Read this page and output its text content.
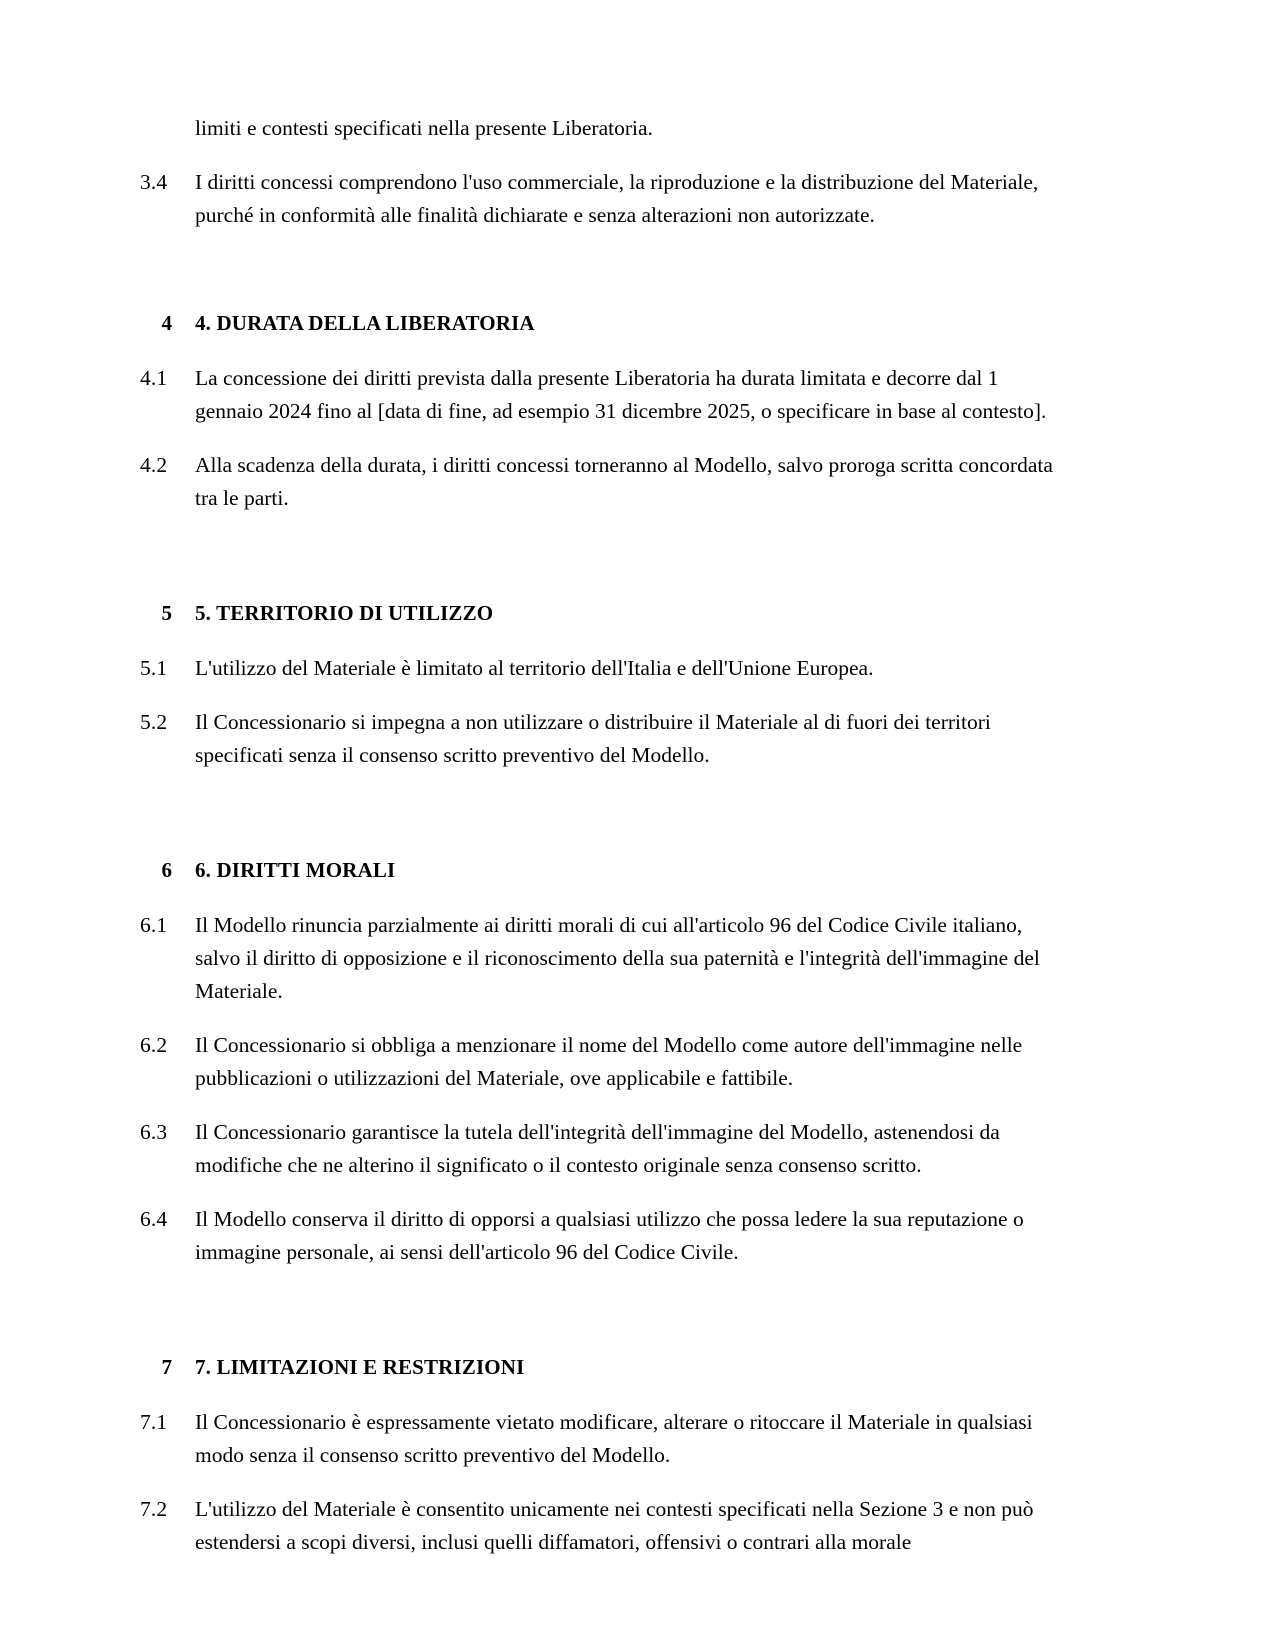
limiti e contesti specificati nella presente Liberatoria.
3.4 I diritti concessi comprendono l'uso commerciale, la riproduzione e la distribuzione del Materiale, purché in conformità alle finalità dichiarate e senza alterazioni non autorizzate.
4 4. DURATA DELLA LIBERATORIA
4.1 La concessione dei diritti prevista dalla presente Liberatoria ha durata limitata e decorre dal 1 gennaio 2024 fino al [data di fine, ad esempio 31 dicembre 2025, o specificare in base al contesto].
4.2 Alla scadenza della durata, i diritti concessi torneranno al Modello, salvo proroga scritta concordata tra le parti.
5 5. TERRITORIO DI UTILIZZO
5.1 L'utilizzo del Materiale è limitato al territorio dell'Italia e dell'Unione Europea.
5.2 Il Concessionario si impegna a non utilizzare o distribuire il Materiale al di fuori dei territori specificati senza il consenso scritto preventivo del Modello.
6 6. DIRITTI MORALI
6.1 Il Modello rinuncia parzialmente ai diritti morali di cui all'articolo 96 del Codice Civile italiano, salvo il diritto di opposizione e il riconoscimento della sua paternità e l'integrità dell'immagine del Materiale.
6.2 Il Concessionario si obbliga a menzionare il nome del Modello come autore dell'immagine nelle pubblicazioni o utilizzazioni del Materiale, ove applicabile e fattibile.
6.3 Il Concessionario garantisce la tutela dell'integrità dell'immagine del Modello, astenendosi da modifiche che ne alterino il significato o il contesto originale senza consenso scritto.
6.4 Il Modello conserva il diritto di opporsi a qualsiasi utilizzo che possa ledere la sua reputazione o immagine personale, ai sensi dell'articolo 96 del Codice Civile.
7 7. LIMITAZIONI E RESTRIZIONI
7.1 Il Concessionario è espressamente vietato modificare, alterare o ritoccare il Materiale in qualsiasi modo senza il consenso scritto preventivo del Modello.
7.2 L'utilizzo del Materiale è consentito unicamente nei contesti specificati nella Sezione 3 e non può estendersi a scopi diversi, inclusi quelli diffamatori, offensivi o contrari alla morale
